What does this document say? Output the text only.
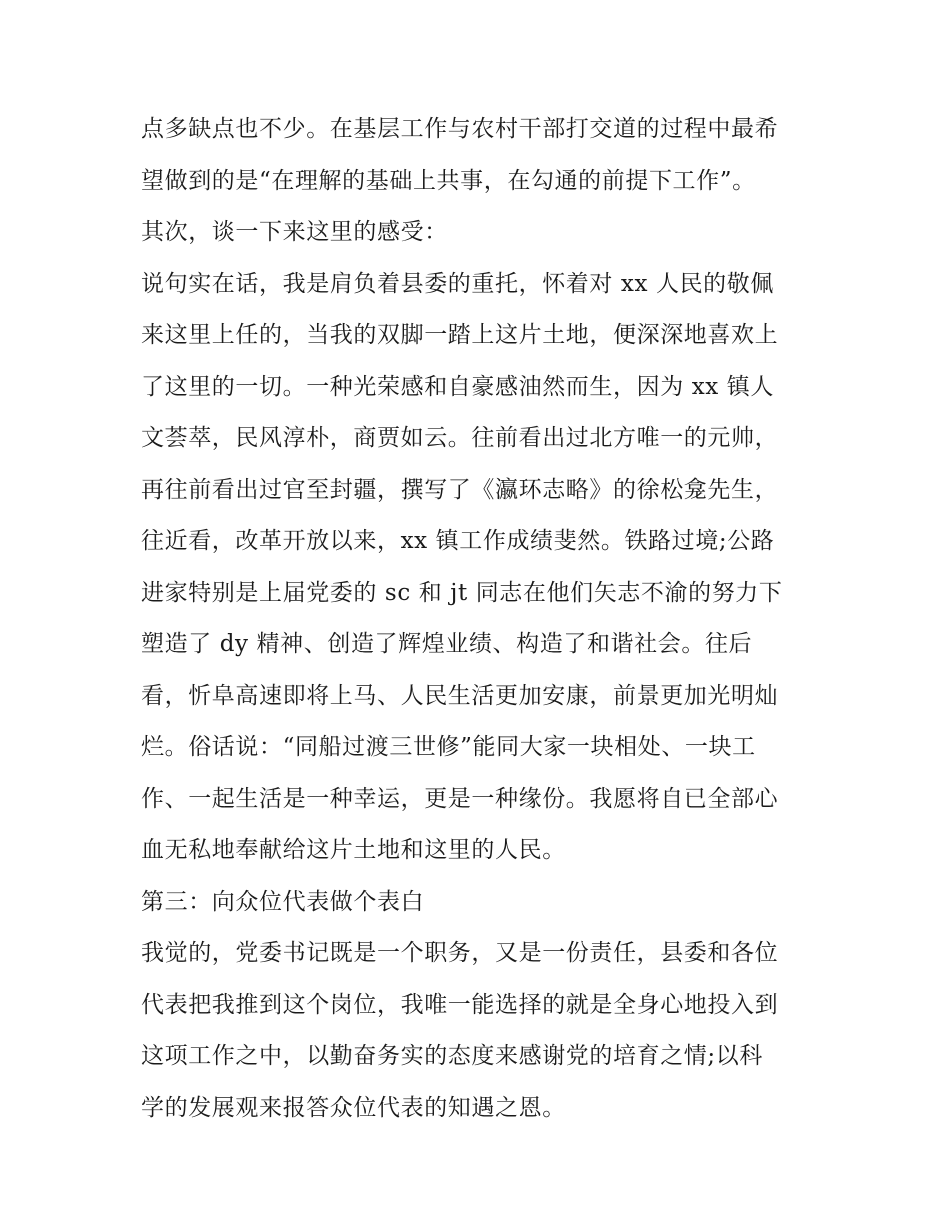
点多缺点也不少。在基层工作与农村干部打交道的过程中最希
望做到的是“在理解的基础上共事，在勾通的前提下工作”。
其次，谈一下来这里的感受：
说句实在话，我是肩负着县委的重托，怀着对 xx 人民的敬佩
来这里上任的，当我的双脚一踏上这片土地，便深深地喜欢上
了这里的一切。一种光荣感和自豪感油然而生，因为 xx 镇人
文荟萃，民风淳朴，商贾如云。往前看出过北方唯一的元帅，
再往前看出过官至封疆，撰写了《瀛环志略》的徐松龛先生，
往近看，改革开放以来，xx 镇工作成绩斐然。铁路过境;公路
进家特别是上届党委的 sc 和 jt 同志在他们矢志不渝的努力下
塑造了 dy 精神、创造了辉煌业绩、构造了和谐社会。往后
看，忻阜高速即将上马、人民生活更加安康，前景更加光明灿
烂。俗话说：“同船过渡三世修”能同大家一块相处、一块工
作、一起生活是一种幸运，更是一种缘份。我愿将自已全部心
血无私地奉献给这片土地和这里的人民。
第三：向众位代表做个表白
我觉的，党委书记既是一个职务，又是一份责任，县委和各位
代表把我推到这个岗位，我唯一能选择的就是全身心地投入到
这项工作之中，以勤奋务实的态度来感谢党的培育之情;以科
学的发展观来报答众位代表的知遇之恩。
